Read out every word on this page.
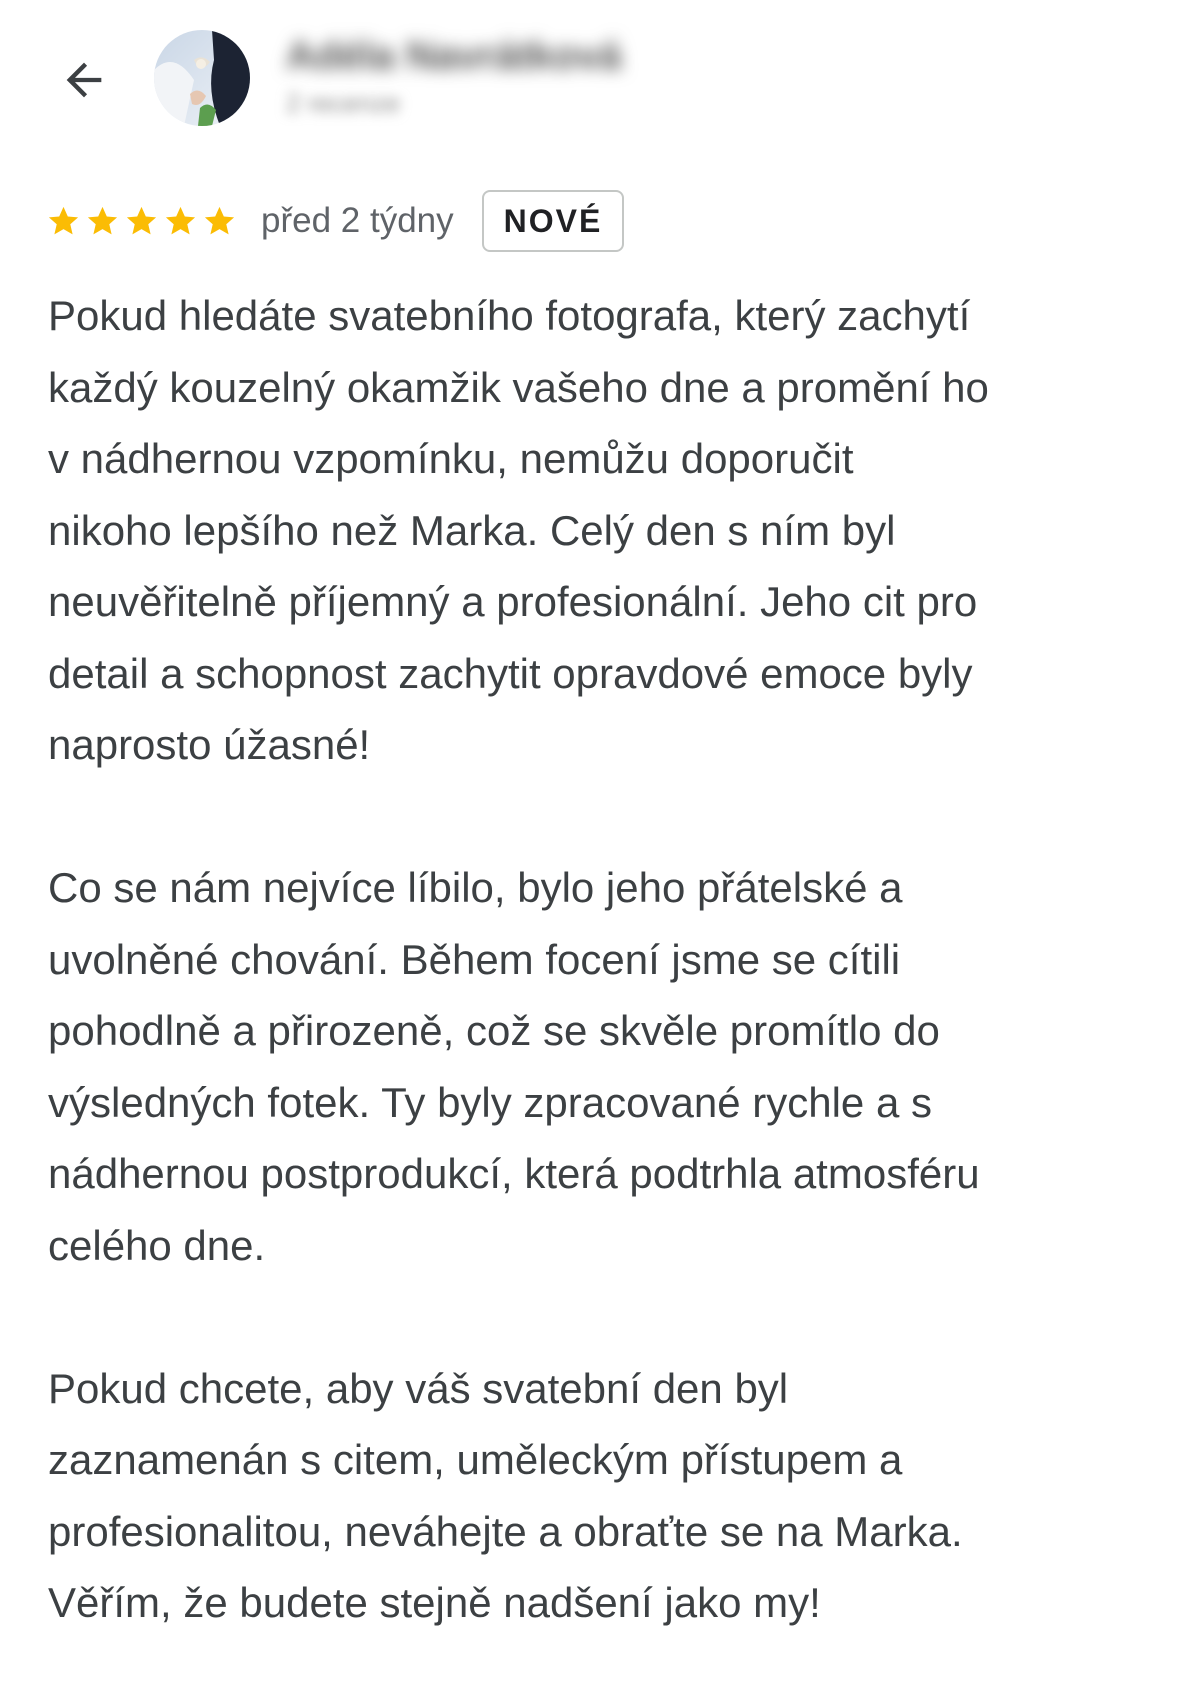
Adéla Navrátková
2 recenze
před 2 týdny	NOVÉ

Pokud hledáte svatebního fotografa, který zachytí
každý kouzelný okamžik vašeho dne a promění ho
v nádhernou vzpomínku, nemůžu doporučit
nikoho lepšího než Marka. Celý den s ním byl
neuvěřitelně příjemný a profesionální. Jeho cit pro
detail a schopnost zachytit opravdové emoce byly
naprosto úžasné!

Co se nám nejvíce líbilo, bylo jeho přátelské a
uvolněné chování. Během focení jsme se cítili
pohodlně a přirozeně, což se skvěle promítlo do
výsledných fotek. Ty byly zpracované rychle a s
nádhernou postprodukcí, která podtrhla atmosféru
celého dne.

Pokud chcete, aby váš svatební den byl
zaznamenán s citem, uměleckým přístupem a
profesionalitou, neváhejte a obraťte se na Marka.
Věřím, že budete stejně nadšení jako my!
